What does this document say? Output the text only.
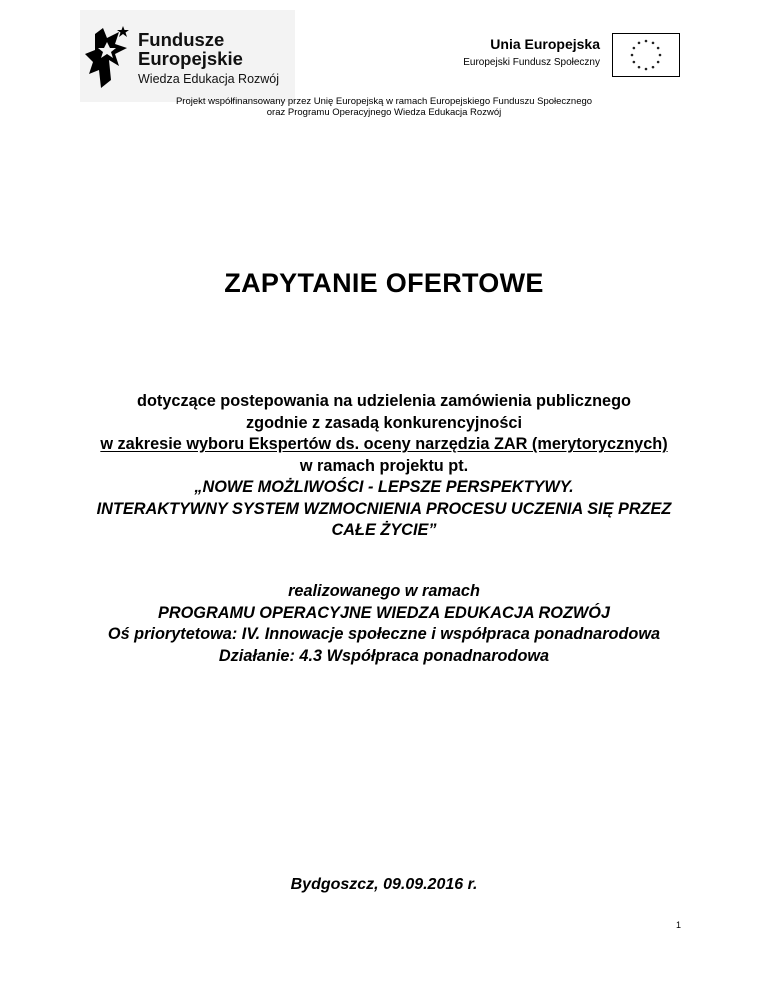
Fundusze
Europejskie
Wiedza Edukacja Rozwój
Unia Europejska
Europejski Fundusz Społeczny
Projekt współfinansowany przez Unię Europejską w ramach Europejskiego Funduszu Społecznego
oraz Programu Operacyjnego Wiedza Edukacja Rozwój
ZAPYTANIE OFERTOWE
dotyczące postepowania na udzielenia zamówienia publicznego
zgodnie z zasadą konkurencyjności
w zakresie wyboru Ekspertów ds. oceny narzędzia ZAR (merytorycznych)
w ramach projektu pt.
„NOWE MOŻLIWOŚCI - LEPSZE PERSPEKTYWY.
INTERAKTYWNY SYSTEM WZMOCNIENIA PROCESU UCZENIA SIĘ PRZEZ
CAŁE ŻYCIE”
realizowanego w ramach
PROGRAMU OPERACYJNE WIEDZA EDUKACJA ROZWÓJ
Oś priorytetowa: IV. Innowacje społeczne i współpraca ponadnarodowa
Działanie: 4.3 Współpraca ponadnarodowa
Bydgoszcz, 09.09.2016 r.
1
